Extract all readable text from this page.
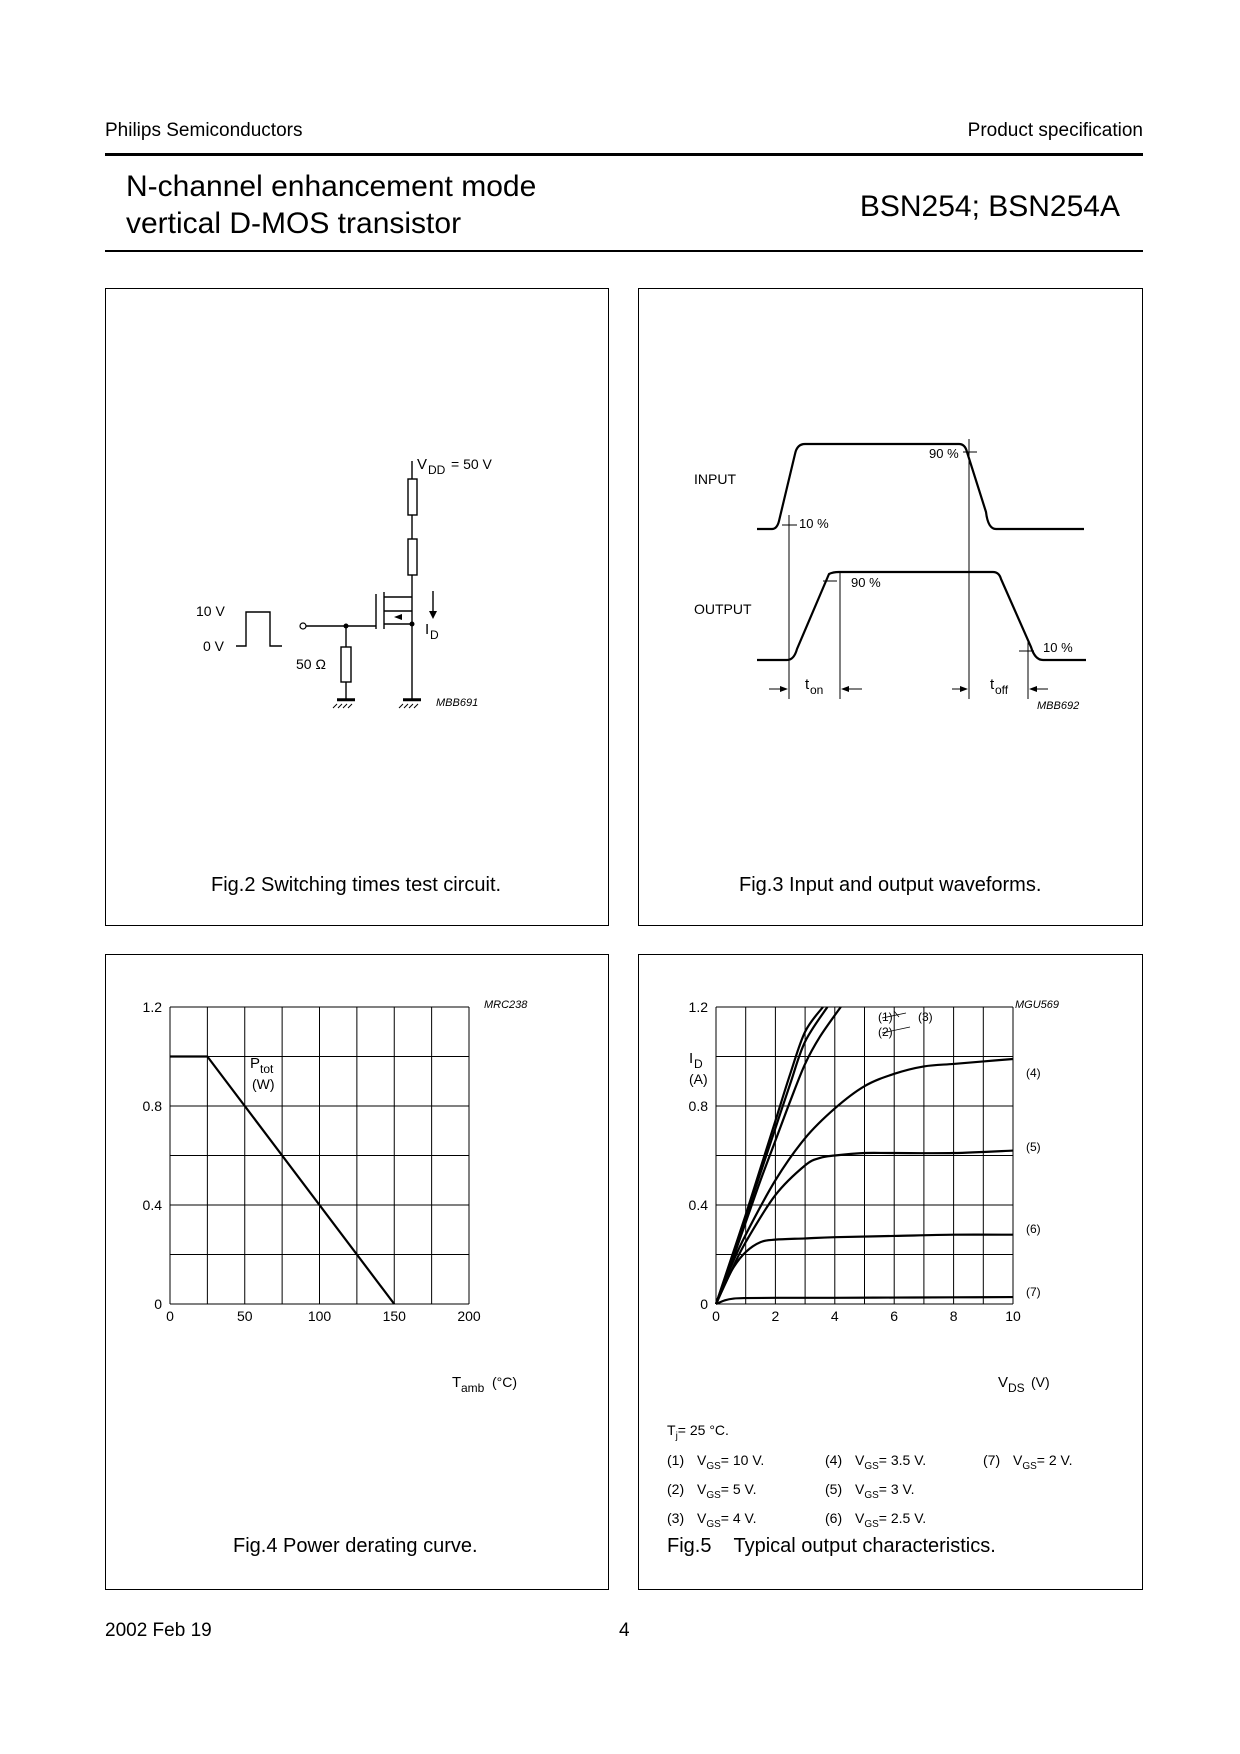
Philips Semiconductors	Product specification
N-channel enhancement mode
vertical D-MOS transistor
BSN254; BSN254A
V DD = 50 V
I D
10 V
0 V
50 Ω
MBB691
Fig.2 Switching times test circuit.
INPUT
OUTPUT
90 %
10 %
90 %
10 %
t on	t off
MBB692
Fig.3 Input and output waveforms.
0	50	100	150	200
0
0.4
0.8
1.2
P tot
(W)
T amb (°C)
MRC238
Fig.4 Power derating curve.
0	2	4	6	8	10
0
0.4
0.8
1.2
(1)
(2)
(3)
(4)
(5)
(6)
(7)
I D
(A)
V DS (V)
MGU569
$T_j= 25$ °C.
(1) $V_{GS}= 10$ V.
(2) $V_{GS}= 5$ V.
(3) $V_{GS}= 4$ V.
(4) $V_{GS}= 3.5$ V.
(5) $V_{GS}= 3$ V.
(6) $V_{GS}= 2.5$ V.
(7) $V_{GS}= 2$ V.
Fig.5 Typical output characteristics.
2002 Feb 19	4
